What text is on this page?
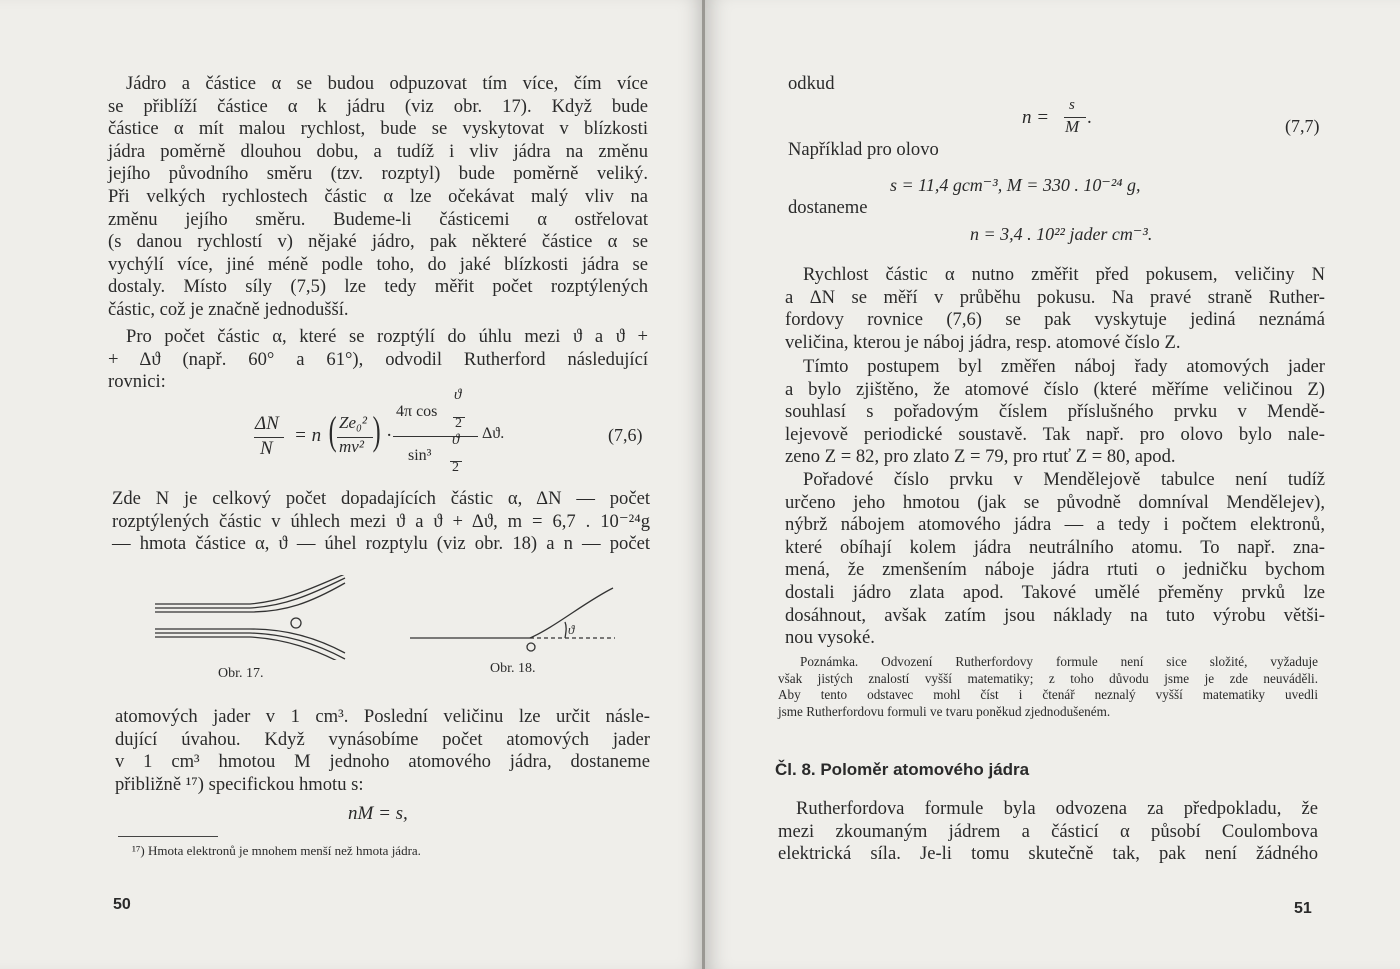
Jádro a částice α se budou odpuzovat tím více, čím více
se přiblíží částice α k jádru (viz obr. 17). Když bude
částice α mít malou rychlost, bude se vyskytovat v blízkosti
jádra poměrně dlouhou dobu, a tudíž i vliv jádra na změnu
jejího původního směru (tzv. rozptyl) bude poměrně veliký.
Při velkých rychlostech částic α lze očekávat malý vliv na
změnu jejího směru. Budeme-li částicemi α ostřelovat
(s danou rychlostí v) nějaké jádro, pak některé částice α se
vychýlí více, jiné méně podle toho, do jaké blízkosti jádra se
dostaly. Místo síly (7,5) lze tedy měřit počet rozptýlených
částic, což je značně jednodušší.
Pro počet částic α, které se rozptýlí do úhlu mezi ϑ a ϑ +
+ Δϑ (např. 60° a 61°), odvodil Rutherford následující
rovnici:
ΔN
N
= n ( Ze₀²
mv² ) ·
ϑ
4π cos
2
ϑ
sin³
2
Δϑ.	(7,6)
Zde N je celkový počet dopadajících částic α, ΔN — počet
rozptýlených částic v úhlech mezi ϑ a ϑ + Δϑ, m = 6,7 . 10⁻²⁴g
— hmota částice α, ϑ — úhel rozptylu (viz obr. 18) a n — počet
Obr. 17.
ϑ
Obr. 18.
atomových jader v 1 cm³. Poslední veličinu lze určit násle-
dující úvahou. Když vynásobíme počet atomových jader
v 1 cm³ hmotou M jednoho atomového jádra, dostaneme
přibližně ¹⁷) specifickou hmotu s:
nM = s,
¹⁷) Hmota elektronů je mnohem menší než hmota jádra.
50
odkud
n =
s
M .	(7,7)
Například pro olovo
s = 11,4 gcm⁻³, M = 330 . 10⁻²⁴ g,
dostaneme
n = 3,4 . 10²² jader cm⁻³.
Rychlost částic α nutno změřit před pokusem, veličiny N
a ΔN se měří v průběhu pokusu. Na pravé straně Ruther-
fordovy rovnice (7,6) se pak vyskytuje jediná neznámá
veličina, kterou je náboj jádra, resp. atomové číslo Z.
Tímto postupem byl změřen náboj řady atomových jader
a bylo zjištěno, že atomové číslo (které měříme veličinou Z)
souhlasí s pořadovým číslem příslušného prvku v Mendě-
lejevově periodické soustavě. Tak např. pro olovo bylo nale-
zeno Z = 82, pro zlato Z = 79, pro rtuť Z = 80, apod.
Pořadové číslo prvku v Mendělejově tabulce není tudíž
určeno jeho hmotou (jak se původně domníval Mendělejev),
nýbrž nábojem atomového jádra — a tedy i počtem elektronů,
které obíhají kolem jádra neutrálního atomu. To např. zna-
mená, že zmenšením náboje jádra rtuti o jedničku bychom
dostali jádro zlata apod. Takové umělé přeměny prvků lze
dosáhnout, avšak zatím jsou náklady na tuto výrobu větši-
nou vysoké.
Poznámka. Odvození Rutherfordovy formule není sice složité, vyžaduje
však jistých znalostí vyšší matematiky; z toho důvodu jsme je zde neuváděli.
Aby tento odstavec mohl číst i čtenář neznalý vyšší matematiky uvedli
jsme Rutherfordovu formuli ve tvaru poněkud zjednodušeném.
Čl. 8. Poloměr atomového jádra
Rutherfordova formule byla odvozena za předpokladu, že
mezi zkoumaným jádrem a částicí α působí Coulombova
elektrická síla. Je-li tomu skutečně tak, pak není žádného
51
